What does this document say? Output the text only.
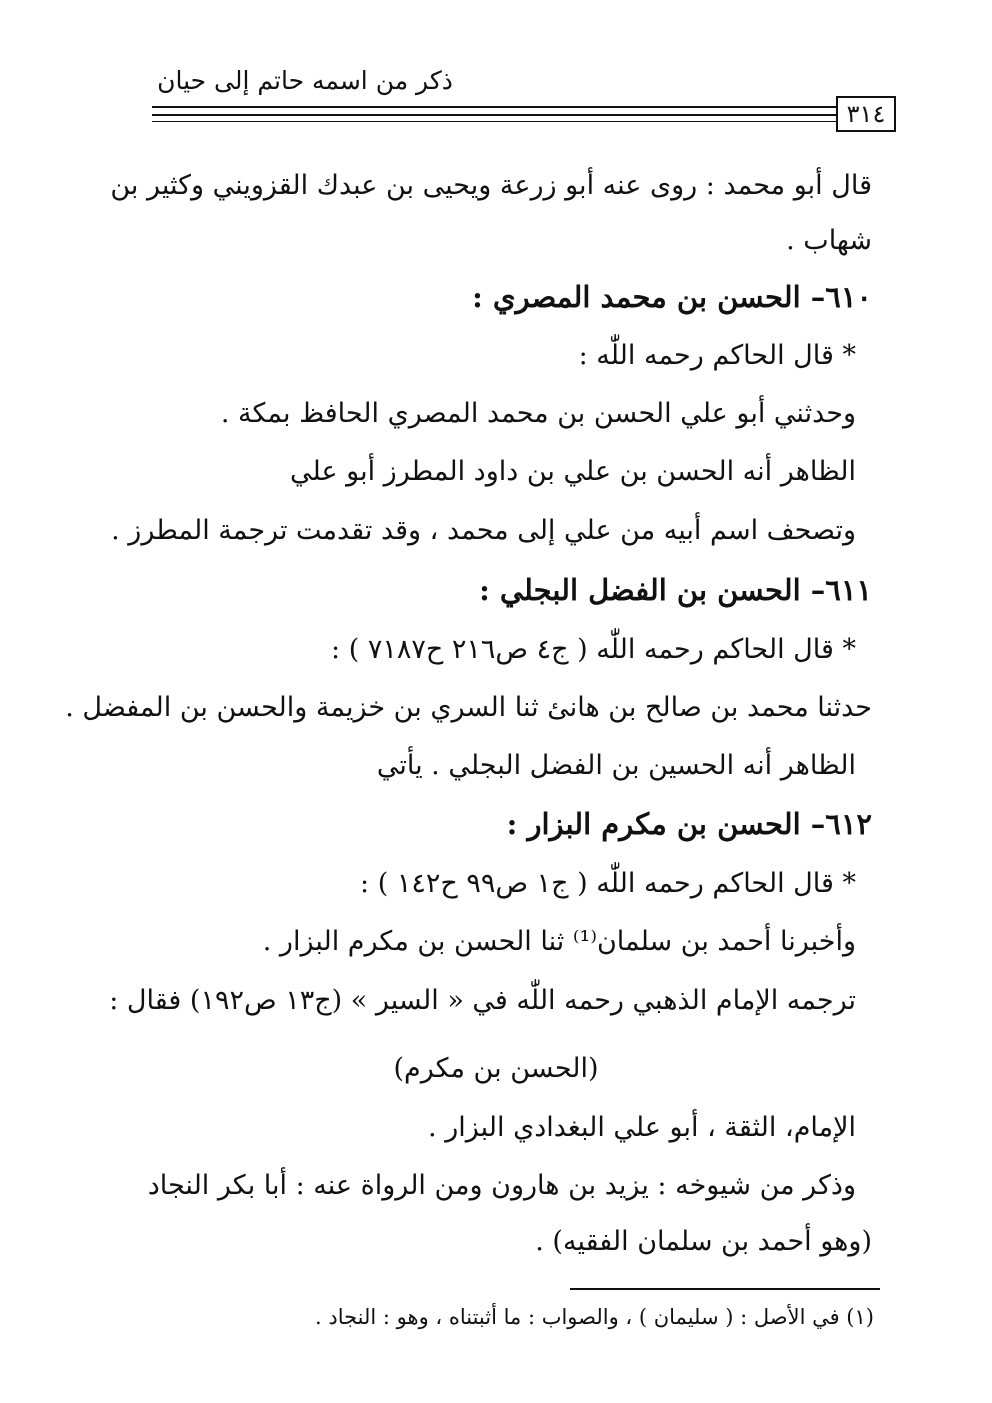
ذكر من اسمه حاتم إلى حيان
٣١٤
قال أبو محمد : روى عنه أبو زرعة ويحيى بن عبدك القزويني وكثير بن
شهاب .
٦١٠– الحسن بن محمد المصري :
* قال الحاكم رحمه اللّٰه :
وحدثني أبو علي الحسن بن محمد المصري الحافظ بمكة .
الظاهر أنه الحسن بن علي بن داود المطرز أبو علي
وتصحف اسم أبيه من علي إلى محمد ، وقد تقدمت ترجمة المطرز .
٦١١– الحسن بن الفضل البجلي :
* قال الحاكم رحمه اللّٰه ( ج٤ ص٢١٦ ح٧١٨٧ ) :
حدثنا محمد بن صالح بن هانئ ثنا السري بن خزيمة والحسن بن المفضل .
الظاهر أنه الحسين بن الفضل البجلي . يأتي
٦١٢– الحسن بن مكرم البزار :
* قال الحاكم رحمه اللّٰه ( ج١ ص٩٩ ح١٤٢ ) :
وأخبرنا أحمد بن سلمان⁽¹⁾ ثنا الحسن بن مكرم البزار .
ترجمه الإمام الذهبي رحمه اللّٰه في « السير » (ج١٣ ص١٩٢) فقال :
(الحسن بن مكرم)
الإمام، الثقة ، أبو علي البغدادي البزار .
وذكر من شيوخه : يزيد بن هارون ومن الرواة عنه : أبا بكر النجاد
(وهو أحمد بن سلمان الفقيه) .
(١) في الأصل : ( سليمان ) ، والصواب : ما أثبتناه ، وهو : النجاد .
